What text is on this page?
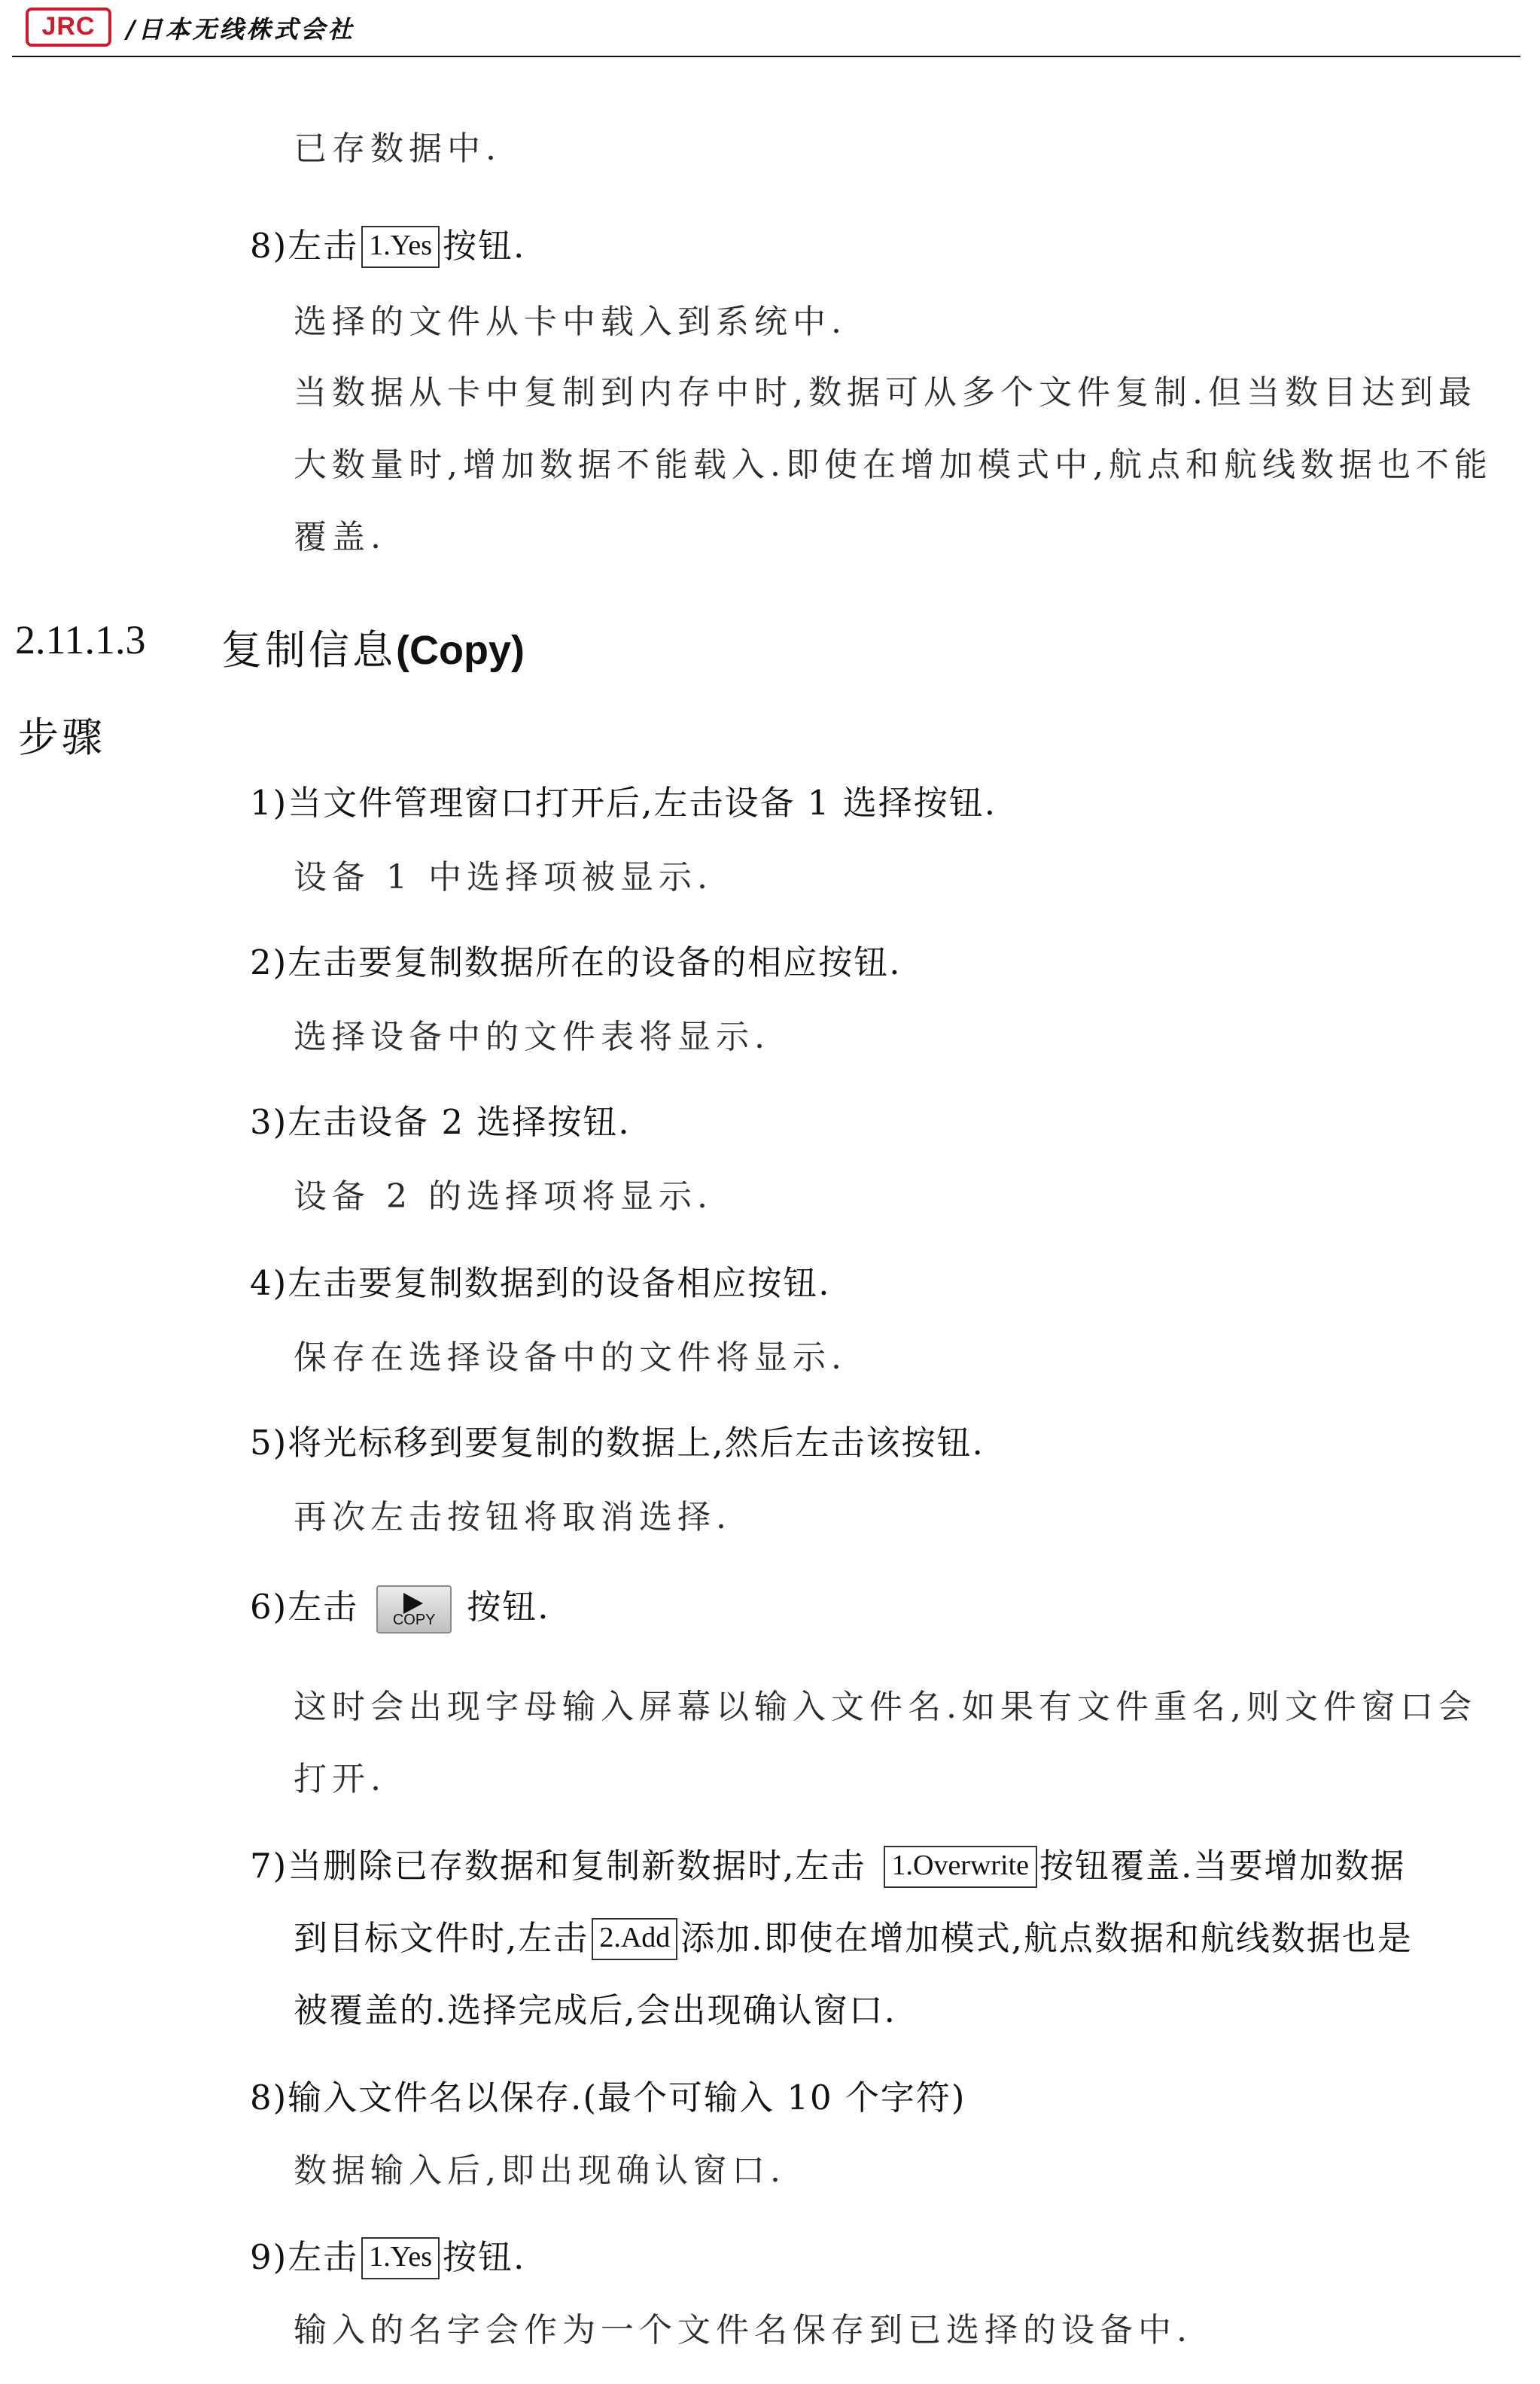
JRC	/日本无线株式会社
已存数据中.
8)左击 1.Yes 按钮.
选择的文件从卡中载入到系统中.
当数据从卡中复制到内存中时,数据可从多个文件复制.但当数目达到最
大数量时,增加数据不能载入.即使在增加模式中,航点和航线数据也不能
覆盖.
2.11.1.3	复制信息(Copy)
步骤
1)当文件管理窗口打开后,左击设备 1 选择按钮.
设备 1 中选择项被显示.
2)左击要复制数据所在的设备的相应按钮.
选择设备中的文件表将显示.
3)左击设备 2 选择按钮.
设备 2 的选择项将显示.
4)左击要复制数据到的设备相应按钮.
保存在选择设备中的文件将显示.
5)将光标移到要复制的数据上,然后左击该按钮.
再次左击按钮将取消选择.
6)左击	COPY	按钮.
这时会出现字母输入屏幕以输入文件名.如果有文件重名,则文件窗口会
打开.
7)当删除已存数据和复制新数据时,左击 1.Overwrite 按钮覆盖.当要增加数据
到目标文件时,左击 2.Add 添加.即使在增加模式,航点数据和航线数据也是
被覆盖的.选择完成后,会出现确认窗口.
8)输入文件名以保存.(最个可输入 10 个字符)
数据输入后,即出现确认窗口.
9)左击 1.Yes 按钮.
输入的名字会作为一个文件名保存到已选择的设备中.
